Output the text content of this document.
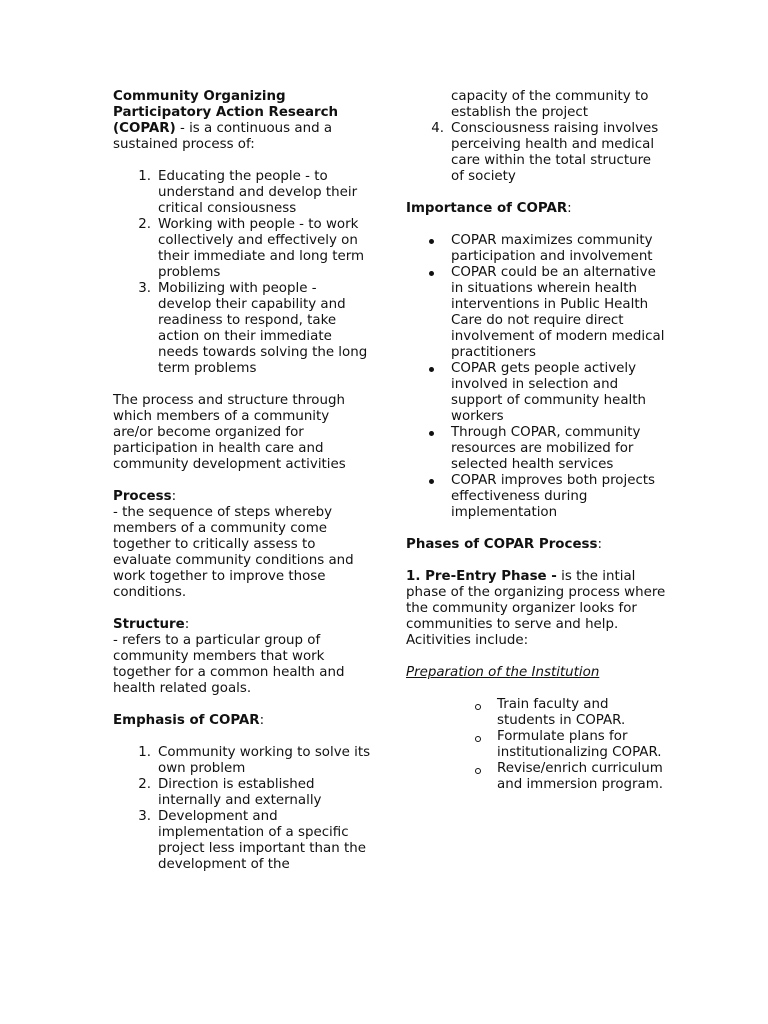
Community Organizing Participatory Action Research (COPAR) - is a continuous and a sustained process of:

1. Educating the people - to understand and develop their critical consiousness
2. Working with people - to work collectively and effectively on their immediate and long term problems
3. Mobilizing with people - develop their capability and readiness to respond, take action on their immediate needs towards solving the long term problems

The process and structure through which members of a community are/or become organized for participation in health care and community development activities

Process:

- the sequence of steps whereby members of a community come together to critically assess to evaluate community conditions and work together to improve those conditions.

Structure:

- refers to a particular group of community members that work together for a common health and health related goals.

Emphasis of COPAR:

1. Community working to solve its own problem
2. Direction is established internally and externally
3. Development and implementation of a specific project less important than the development of the
capacity of the community to establish the project
4. Consciousness raising involves perceiving health and medical care within the total structure of society

Importance of COPAR:

COPAR maximizes community participation and involvement
COPAR could be an alternative in situations wherein health interventions in Public Health Care do not require direct involvement of modern medical practitioners
COPAR gets people actively involved in selection and support of community health workers
Through COPAR, community resources are mobilized for selected health services
COPAR improves both projects effectiveness during implementation

Phases of COPAR Process:

1. Pre-Entry Phase - is the intial phase of the organizing process where the community organizer looks for communities to serve and help. Acitivities include:

Preparation of the Institution

Train faculty and students in COPAR.
Formulate plans for institutionalizing COPAR.
Revise/enrich curriculum and immersion program.
